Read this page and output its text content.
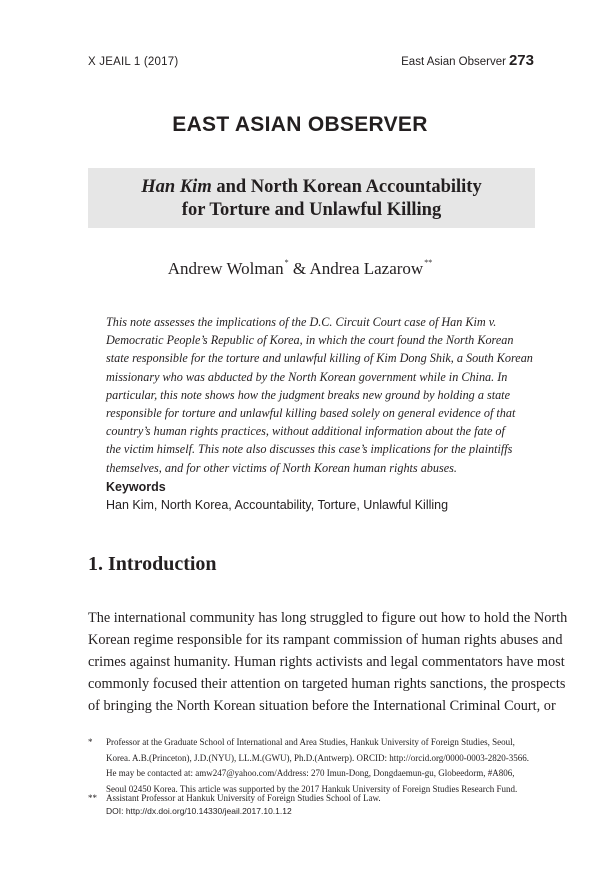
X JEAIL 1 (2017)	East Asian Observer 273
EAST ASIAN OBSERVER
Han Kim and North Korean Accountability
for Torture and Unlawful Killing
Andrew Wolman* & Andrea Lazarow**
This note assesses the implications of the D.C. Circuit Court case of Han Kim v.
Democratic People’s Republic of Korea, in which the court found the North Korean
state responsible for the torture and unlawful killing of Kim Dong Shik, a South Korean
missionary who was abducted by the North Korean government while in China. In
particular, this note shows how the judgment breaks new ground by holding a state
responsible for torture and unlawful killing based solely on general evidence of that
country’s human rights practices, without additional information about the fate of
the victim himself. This note also discusses this case’s implications for the plaintiffs
themselves, and for other victims of North Korean human rights abuses.
Keywords
Han Kim, North Korea, Accountability, Torture, Unlawful Killing
1. Introduction
The international community has long struggled to figure out how to hold the North
Korean regime responsible for its rampant commission of human rights abuses and
crimes against humanity. Human rights activists and legal commentators have most
commonly focused their attention on targeted human rights sanctions, the prospects
of bringing the North Korean situation before the International Criminal Court, or
* Professor at the Graduate School of International and Area Studies, Hankuk University of Foreign Studies, Seoul,
Korea. A.B.(Princeton), J.D.(NYU), LL.M.(GWU), Ph.D.(Antwerp). ORCID: http://orcid.org/0000-0003-2820-3566.
He may be contacted at: amw247@yahoo.com/Address: 270 Imun-Dong, Dongdaemun-gu, Globeedorm, #A806,
Seoul 02450 Korea. This article was supported by the 2017 Hankuk University of Foreign Studies Research Fund.
** Assistant Professor at Hankuk University of Foreign Studies School of Law.
DOI: http://dx.doi.org/10.14330/jeail.2017.10.1.12
